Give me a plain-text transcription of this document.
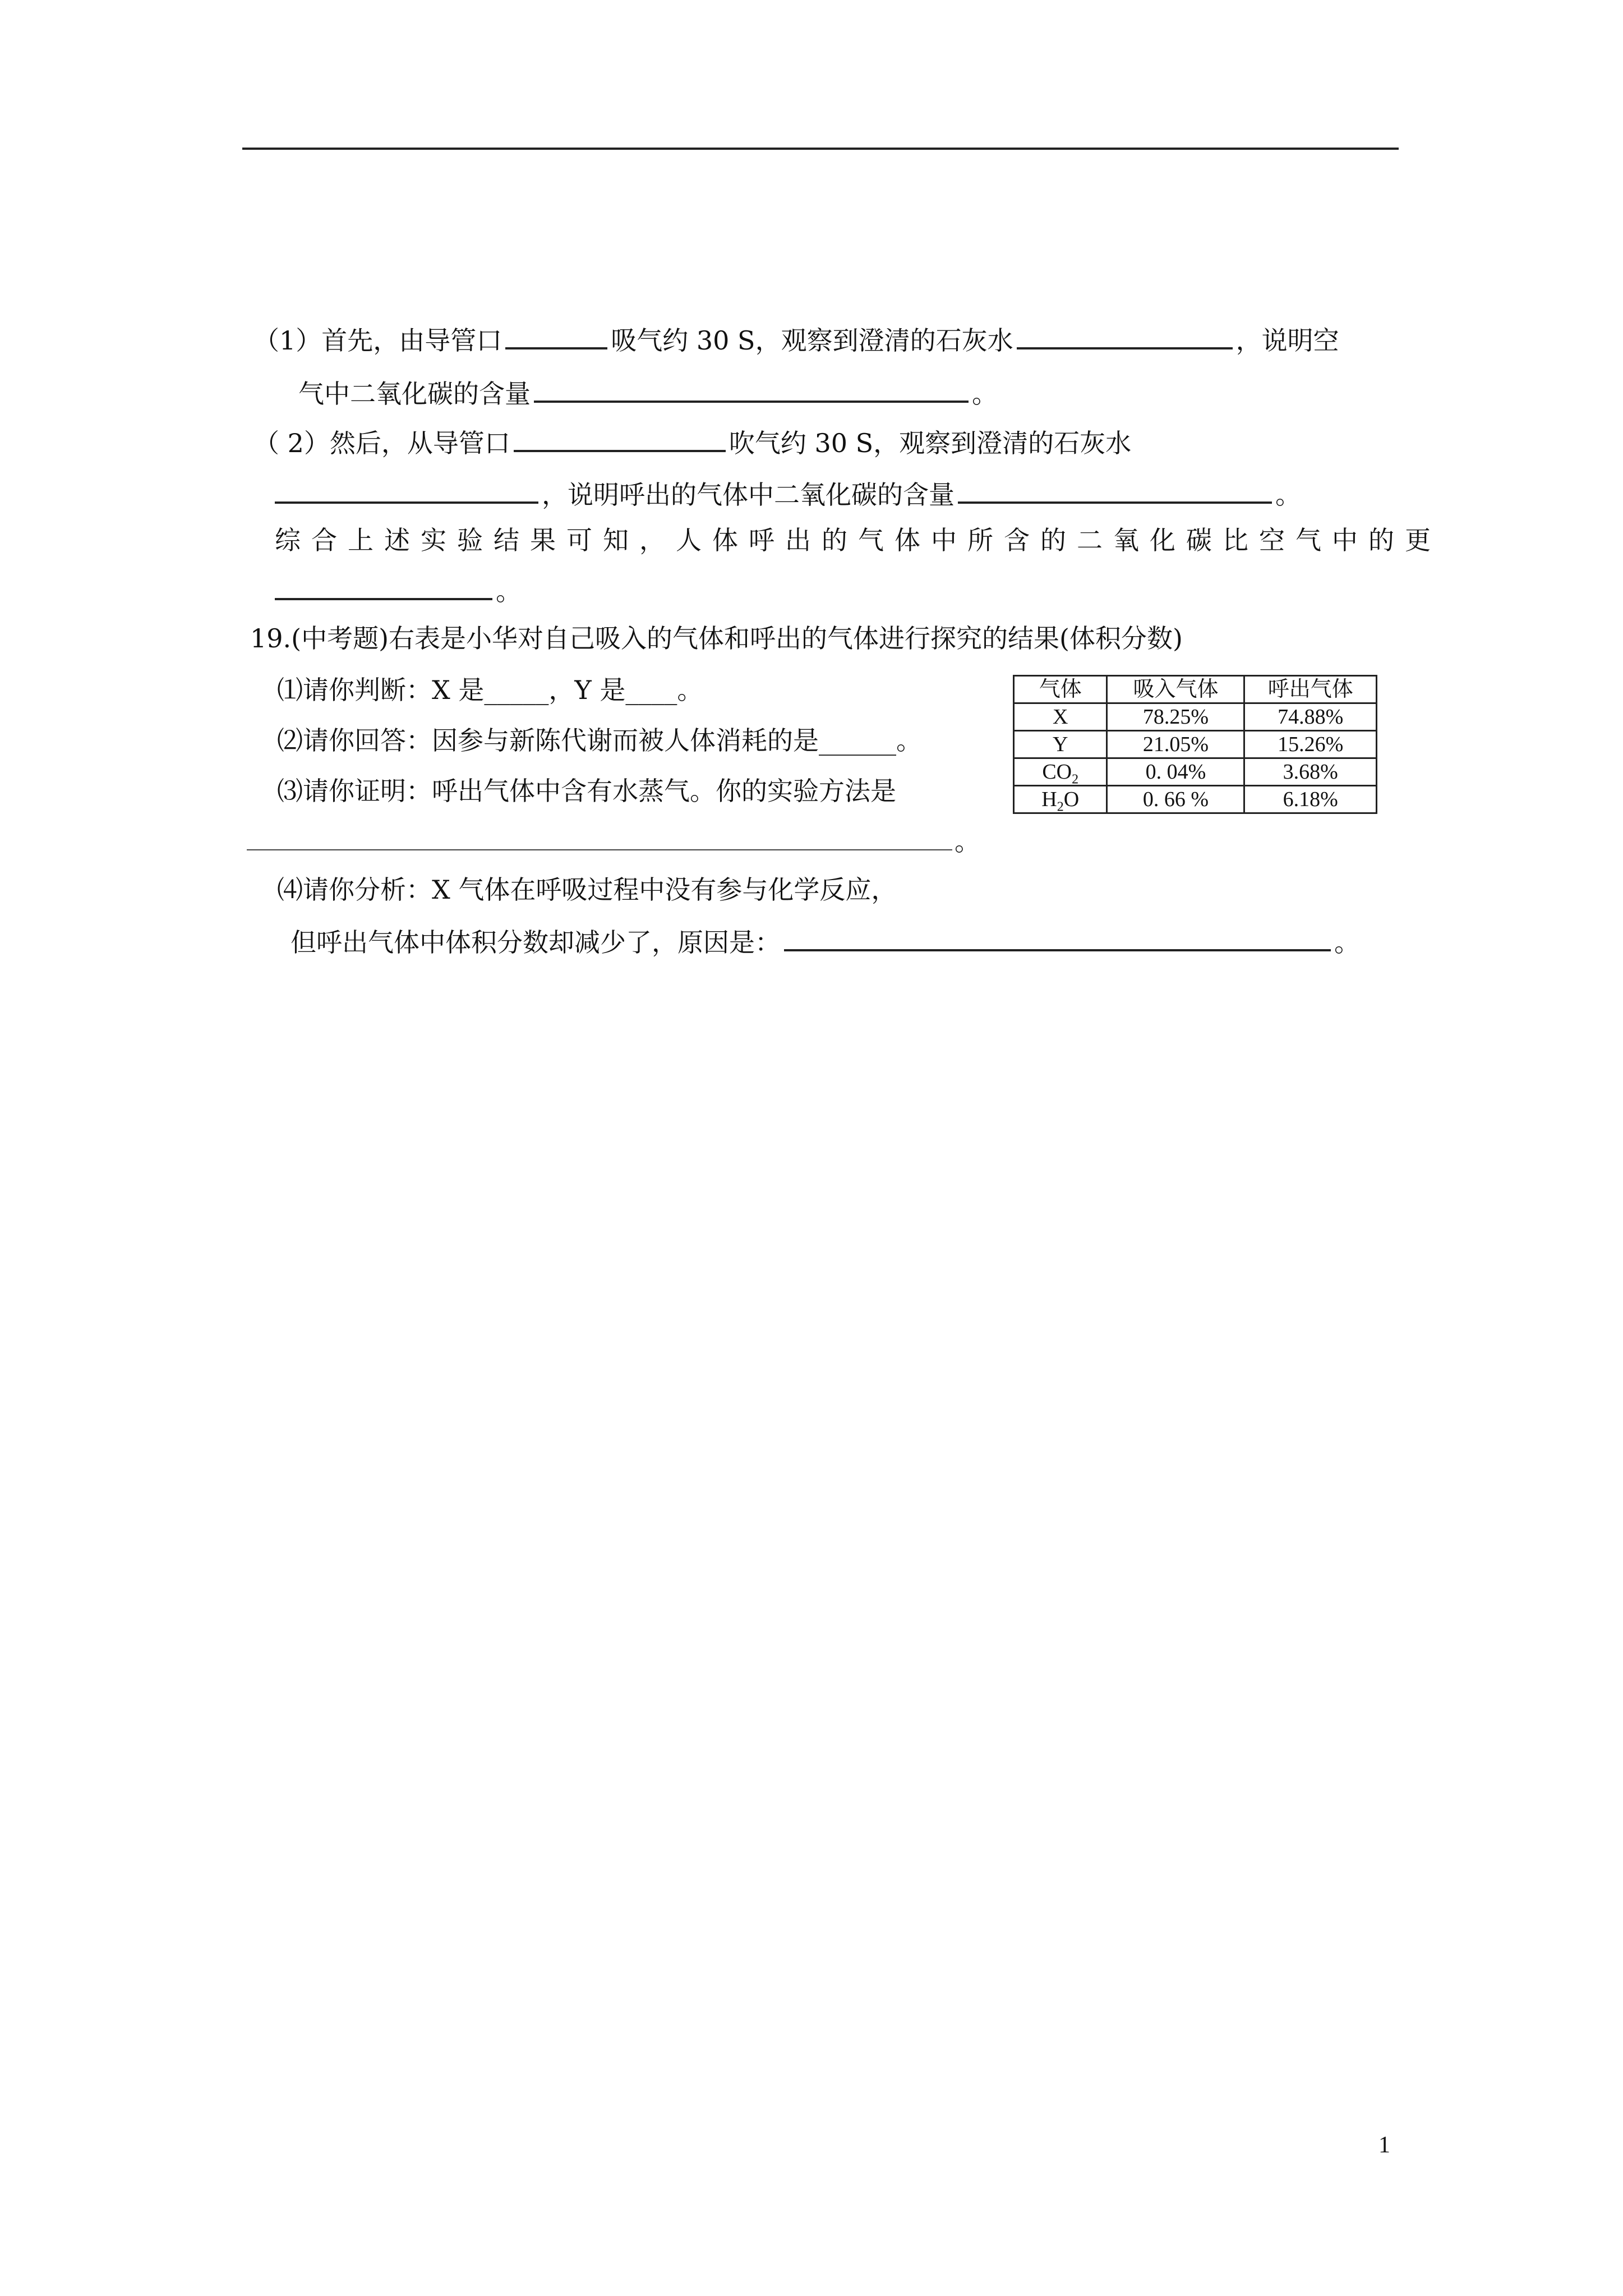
（1）首先，由导管口	吸气约 30 S，观察到澄清的石灰水	，说明空
气中二氧化碳的含量	。
（ 2）然后，从导管口	吹气约 30 S，观察到澄清的石灰水
，说明呼出的气体中二氧化碳的含量	。
综合上述实验结果可知，人体呼出的气体中所含的二氧化碳比空气中的更
。
19.(中考题)右表是小华对自己吸入的气体和呼出的气体进行探究的结果(体积分数)
⑴请你判断：X 是_____，Y 是____。
⑵请你回答：因参与新陈代谢而被人体消耗的是______。
⑶请你证明：呼出气体中含有水蒸气。你的实验方法是
。
⑷请你分析：X 气体在呼吸过程中没有参与化学反应，
但呼出气体中体积分数却减少了，原因是：	。
气体	吸入气体	呼出气体
X	78.25%	74.88%
Y	21.05%	15.26%
$CO_2$	0. 04%	3.68%
$H_2O$	0. 66 %	6.18%
1
